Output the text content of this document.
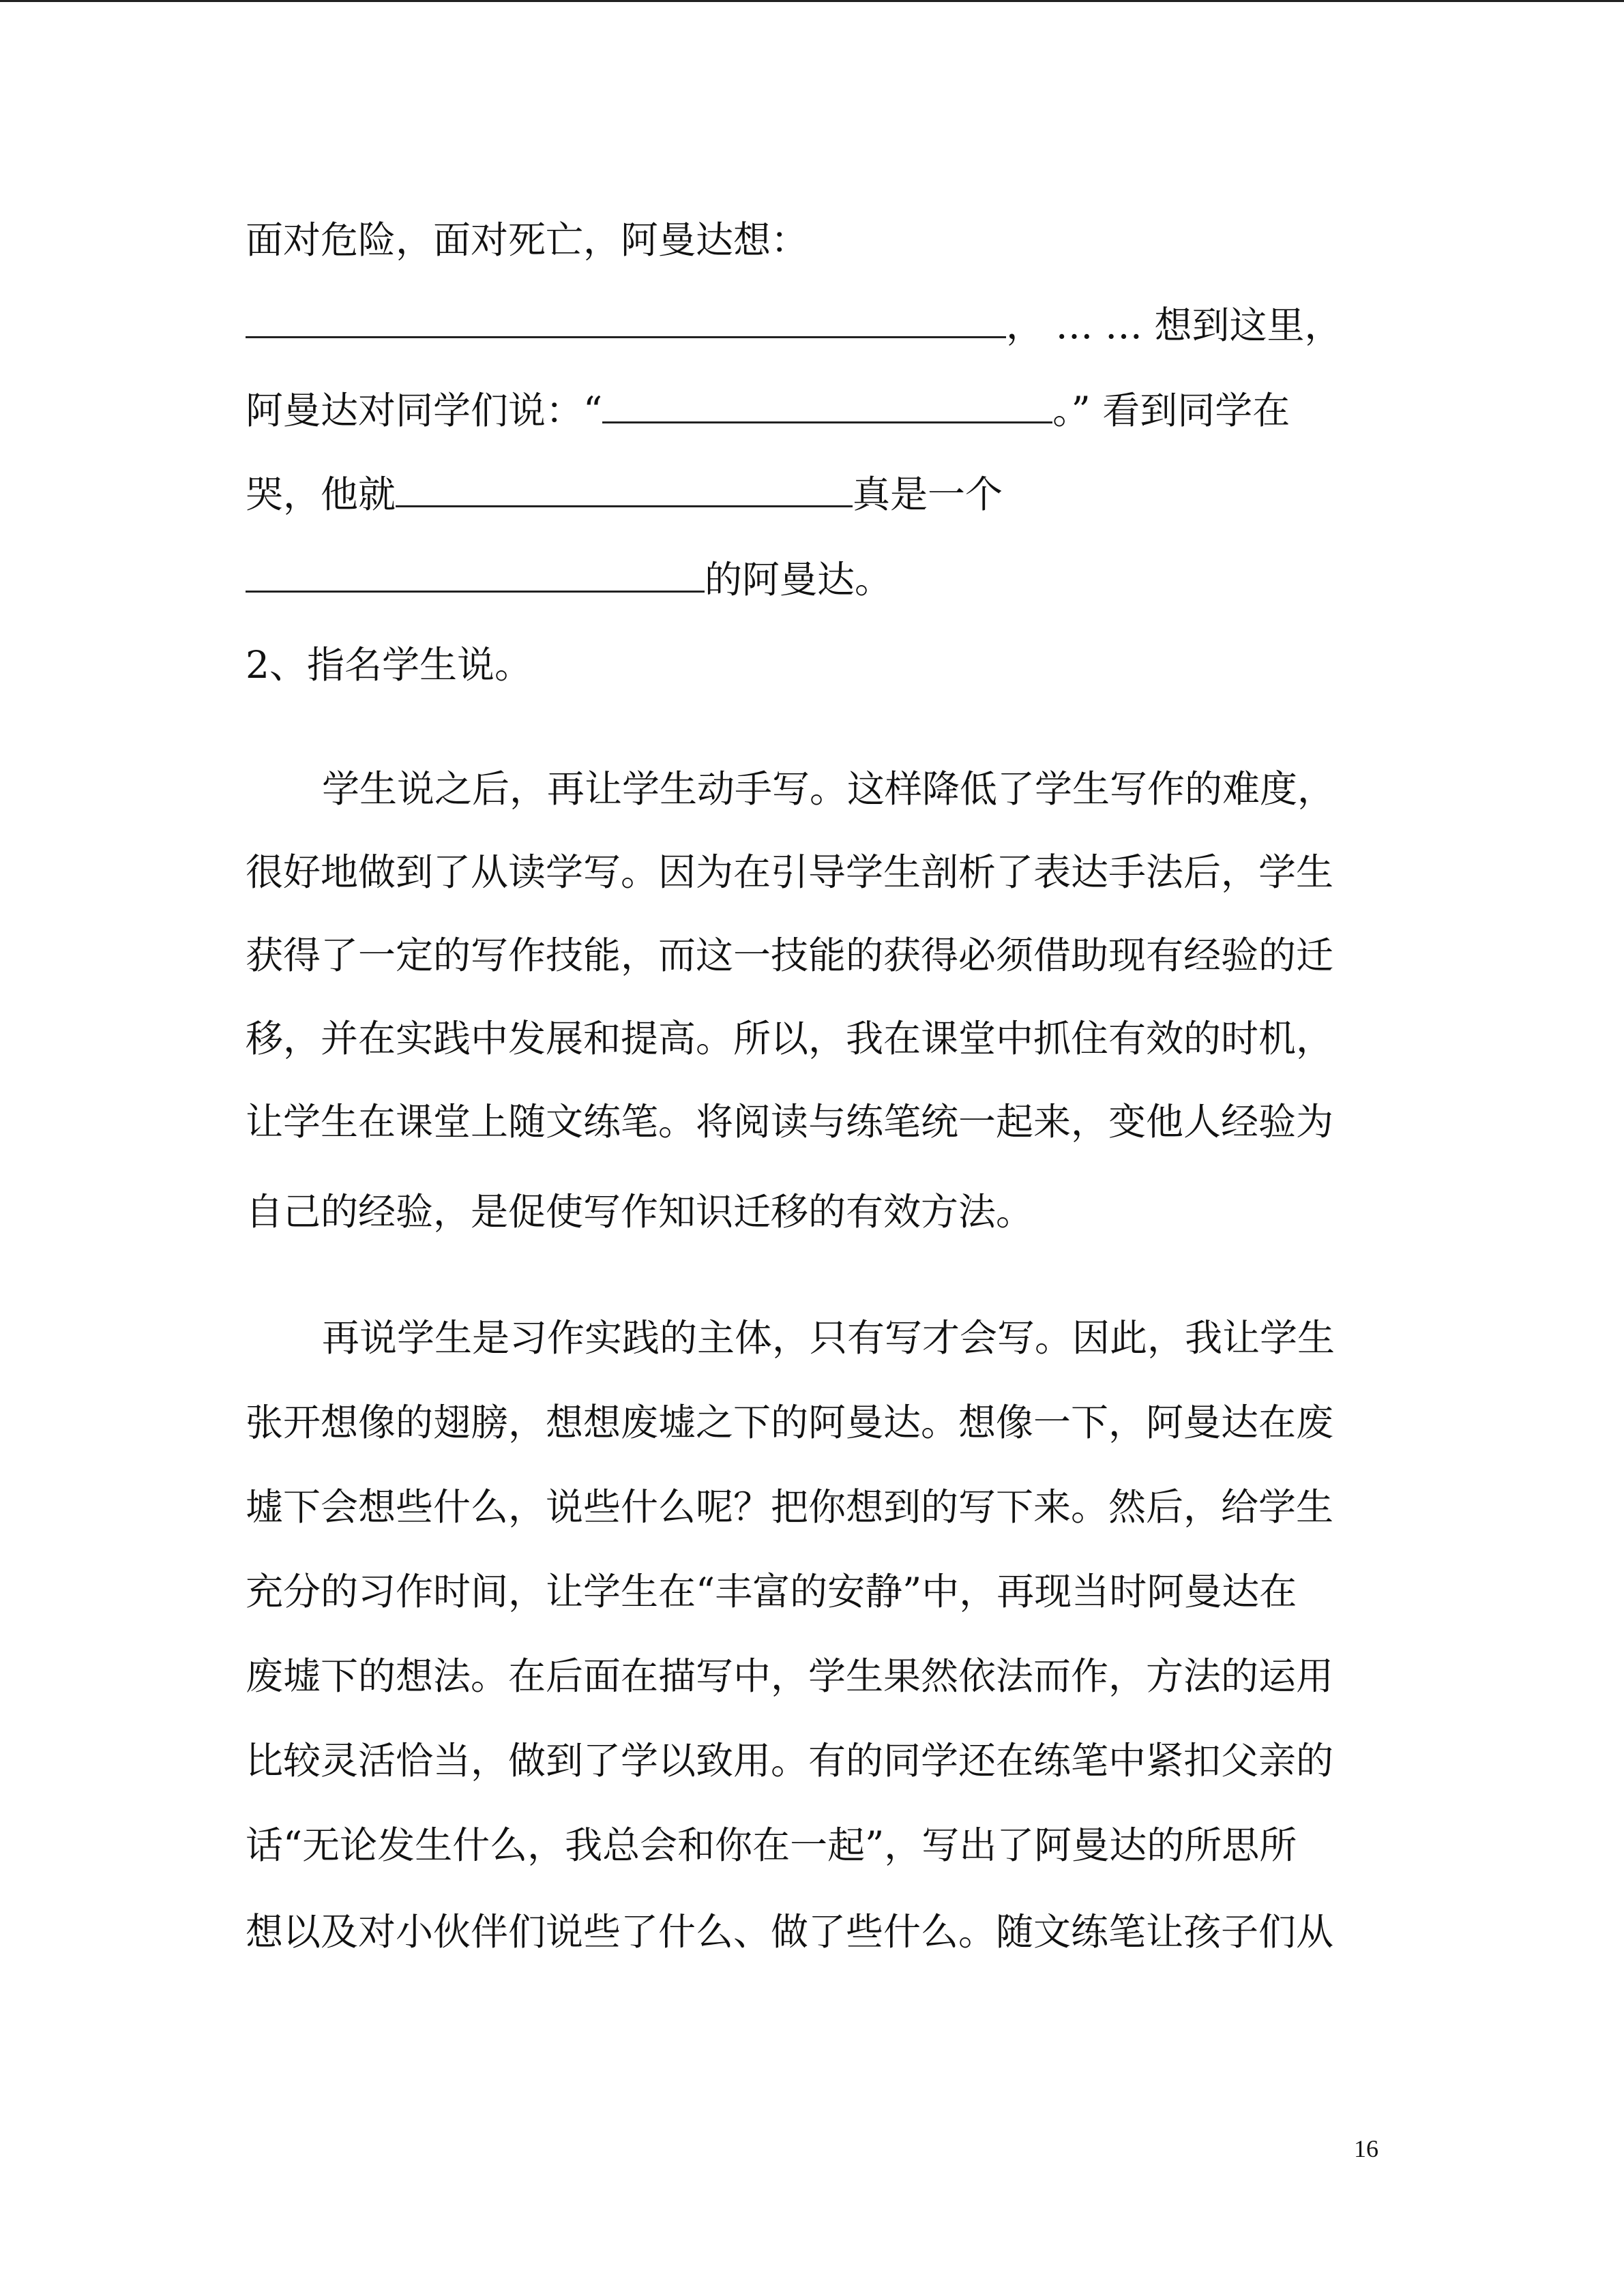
面对危险，面对死亡，阿曼达想：
， … … 想到这里，
阿曼达对同学们说：“	。” 看到同学在
哭，他就	真是一个
的阿曼达。
2、指名学生说。
学生说之后，再让学生动手写。这样降低了学生写作的难度，
很好地做到了从读学写。因为在引导学生剖析了表达手法后，学生
获得了一定的写作技能，而这一技能的获得必须借助现有经验的迁
移，并在实践中发展和提高。所以，我在课堂中抓住有效的时机，
让学生在课堂上随文练笔。将阅读与练笔统一起来，变他人经验为
自己的经验，是促使写作知识迁移的有效方法。
再说学生是习作实践的主体，只有写才会写。因此，我让学生
张开想像的翅膀，想想废墟之下的阿曼达。想像一下，阿曼达在废
墟下会想些什么，说些什么呢？把你想到的写下来。然后，给学生
充分的习作时间，让学生在“丰富的安静”中，再现当时阿曼达在
废墟下的想法。在后面在描写中，学生果然依法而作，方法的运用
比较灵活恰当，做到了学以致用。有的同学还在练笔中紧扣父亲的
话“无论发生什么，我总会和你在一起”，写出了阿曼达的所思所
想以及对小伙伴们说些了什么、做了些什么。随文练笔让孩子们从
16
